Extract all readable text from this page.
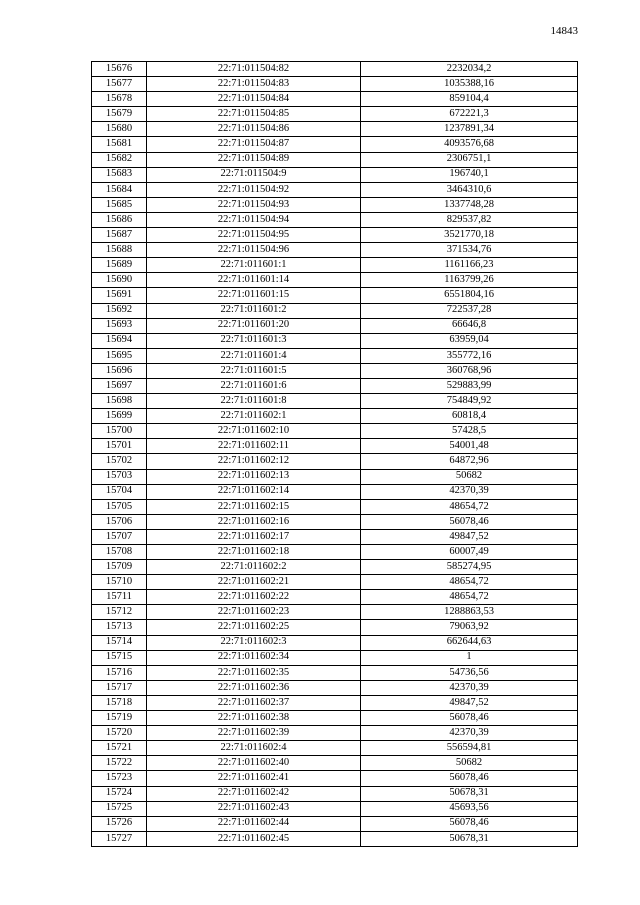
14843
15676	22:71:011504:82	2232034,2
15677	22:71:011504:83	1035388,16
15678	22:71:011504:84	859104,4
15679	22:71:011504:85	672221,3
15680	22:71:011504:86	1237891,34
15681	22:71:011504:87	4093576,68
15682	22:71:011504:89	2306751,1
15683	22:71:011504:9	196740,1
15684	22:71:011504:92	3464310,6
15685	22:71:011504:93	1337748,28
15686	22:71:011504:94	829537,82
15687	22:71:011504:95	3521770,18
15688	22:71:011504:96	371534,76
15689	22:71:011601:1	1161166,23
15690	22:71:011601:14	1163799,26
15691	22:71:011601:15	6551804,16
15692	22:71:011601:2	722537,28
15693	22:71:011601:20	66646,8
15694	22:71:011601:3	63959,04
15695	22:71:011601:4	355772,16
15696	22:71:011601:5	360768,96
15697	22:71:011601:6	529883,99
15698	22:71:011601:8	754849,92
15699	22:71:011602:1	60818,4
15700	22:71:011602:10	57428,5
15701	22:71:011602:11	54001,48
15702	22:71:011602:12	64872,96
15703	22:71:011602:13	50682
15704	22:71:011602:14	42370,39
15705	22:71:011602:15	48654,72
15706	22:71:011602:16	56078,46
15707	22:71:011602:17	49847,52
15708	22:71:011602:18	60007,49
15709	22:71:011602:2	585274,95
15710	22:71:011602:21	48654,72
15711	22:71:011602:22	48654,72
15712	22:71:011602:23	1288863,53
15713	22:71:011602:25	79063,92
15714	22:71:011602:3	662644,63
15715	22:71:011602:34	1
15716	22:71:011602:35	54736,56
15717	22:71:011602:36	42370,39
15718	22:71:011602:37	49847,52
15719	22:71:011602:38	56078,46
15720	22:71:011602:39	42370,39
15721	22:71:011602:4	556594,81
15722	22:71:011602:40	50682
15723	22:71:011602:41	56078,46
15724	22:71:011602:42	50678,31
15725	22:71:011602:43	45693,56
15726	22:71:011602:44	56078,46
15727	22:71:011602:45	50678,31
